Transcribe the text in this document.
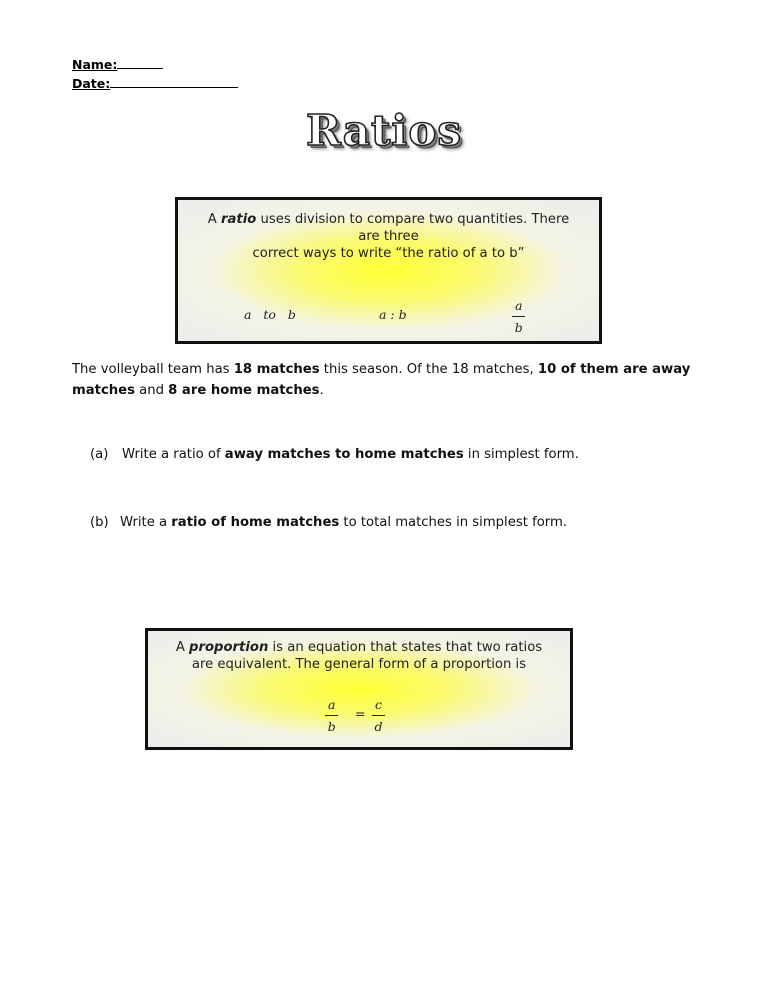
Name:
Date:
Ratios
A ratio uses division to compare two quantities. There
are three
correct ways to write “the ratio of a to b”
a   to   b	a : b
a
b
The volleyball team has 18 matches this season. Of the 18 matches, 10 of them are away matches and 8 are home matches.
(a) Write a ratio of away matches to home matches in simplest form.
(b) Write a ratio of home matches to total matches in simplest form.
A proportion is an equation that states that two ratios
are equivalent. The general form of a proportion is
a
b
=
c
d
